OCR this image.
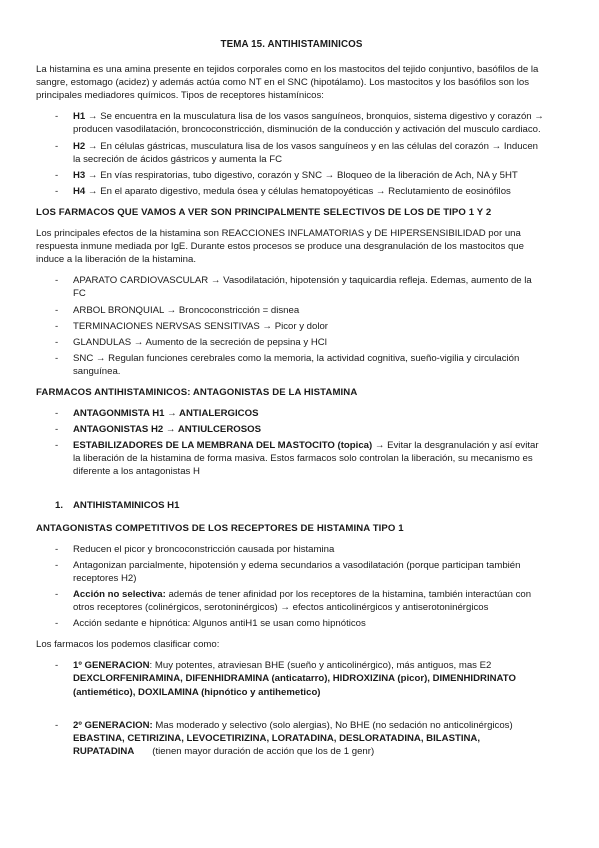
TEMA 15. ANTIHISTAMINICOS

La histamina es una amina presente en tejidos corporales como en los mastocitos del tejido conjuntivo, basófilos de la sangre, estomago (acidez) y además actúa como NT en el SNC (hipotálamo). Los mastocitos y los basófilos son los principales mediadores químicos. Tipos de receptores histamínicos:

- H1 → Se encuentra en la musculatura lisa de los vasos sanguíneos, bronquios, sistema digestivo y corazón → producen vasodilatación, broncoconstricción, disminución de la conducción y activación del musculo cardiaco.
- H2 → En células gástricas, musculatura lisa de los vasos sanguíneos y en las células del corazón → Inducen la secreción de ácidos gástricos y aumenta la FC
- H3 → En vías respiratorias, tubo digestivo, corazón y SNC → Bloqueo de la liberación de Ach, NA y 5HT
- H4 → En el aparato digestivo, medula ósea y células hematopoyéticas → Reclutamiento de eosinófilos
LOS FARMACOS QUE VAMOS A VER SON PRINCIPALMENTE SELECTIVOS DE LOS DE TIPO 1 Y 2

Los principales efectos de la histamina son REACCIONES INFLAMATORIAS y DE HIPERSENSIBILIDAD por una respuesta inmune mediada por IgE. Durante estos procesos se produce una desgranulación de los mastocitos que induce a la liberación de la histamina.

- APARATO CARDIOVASCULAR → Vasodilatación, hipotensión y taquicardia refleja. Edemas, aumento de la FC
- ARBOL BRONQUIAL → Broncoconstricción = disnea
- TERMINACIONES NERVSAS SENSITIVAS → Picor y dolor
- GLANDULAS → Aumento de la secreción de pepsina y HCl
- SNC → Regulan funciones cerebrales como la memoria, la actividad cognitiva, sueño-vigilia y circulación sanguínea.
FARMACOS ANTIHISTAMINICOS: ANTAGONISTAS DE LA HISTAMINA
- ANTAGONMISTA H1 → ANTIALERGICOS
- ANTAGONISTAS H2 → ANTIULCEROSOS
- ESTABILIZADORES DE LA MEMBRANA DEL MASTOCITO (topica) → Evitar la desgranulación y así evitar la liberación de la histamina de forma masiva. Estos farmacos solo controlan la liberación, su mecanismo es diferente a los antagonistas H
1. ANTIHISTAMINICOS H1
ANTAGONISTAS COMPETITIVOS DE LOS RECEPTORES DE HISTAMINA TIPO 1
- Reducen el picor y broncoconstricción causada por histamina
- Antagonizan parcialmente, hipotensión y edema secundarios a vasodilatación (porque participan también receptores H2)
- Acción no selectiva: además de tener afinidad por los receptores de la histamina, también interactúan con otros receptores (colinérgicos, serotoninérgicos) → efectos anticolinérgicos y antiserotoninérgicos
- Acción sedante e hipnótica: Algunos antiH1 se usan como hipnóticos

Los farmacos los podemos clasificar como:

- 1º GENERACION: Muy potentes, atraviesan BHE (sueño y anticolinérgico), más antiguos, mas E2
DEXCLORFENIRAMINA, DIFENHIDRAMINA (anticatarro), HIDROXIZINA (picor), DIMENHIDRINATO (antiemético), DOXILAMINA (hipnótico y antihemetico)
- 2º GENERACION: Mas moderado y selectivo (solo alergias), No BHE (no sedación no anticolinérgicos)
EBASTINA, CETIRIZINA, LEVOCETIRIZINA, LORATADINA, DESLORATADINA, BILASTINA, RUPATADINA (tienen mayor duración de acción que los de 1 genr)
